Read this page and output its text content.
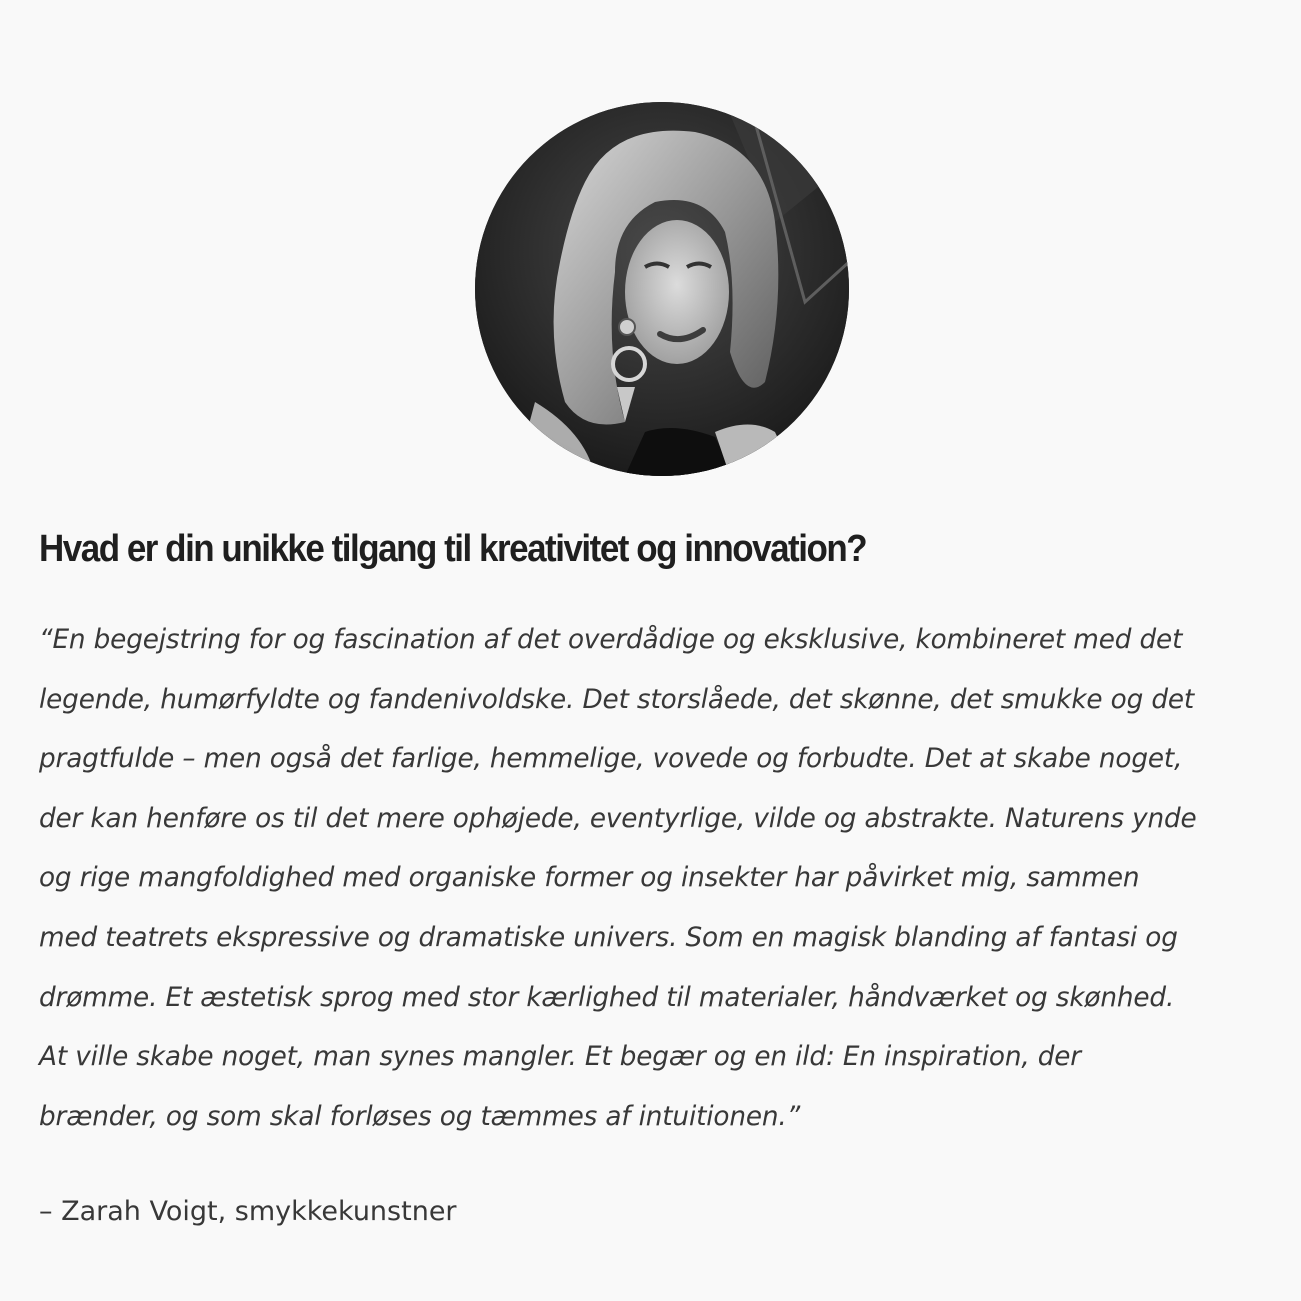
Hvad er din unikke tilgang til kreativitet og innovation?
“En begejstring for og fascination af det overdådige og eksklusive, kombineret med det
legende, humørfyldte og fandenivoldske. Det storslåede, det skønne, det smukke og det
pragtfulde – men også det farlige, hemmelige, vovede og forbudte. Det at skabe noget,
der kan henføre os til det mere ophøjede, eventyrlige, vilde og abstrakte. Naturens ynde
og rige mangfoldighed med organiske former og insekter har påvirket mig, sammen
med teatrets ekspressive og dramatiske univers. Som en magisk blanding af fantasi og
drømme. Et æstetisk sprog med stor kærlighed til materialer, håndværket og skønhed.
At ville skabe noget, man synes mangler. Et begær og en ild: En inspiration, der
brænder, og som skal forløses og tæmmes af intuitionen.”

– Zarah Voigt, smykkekunstner
